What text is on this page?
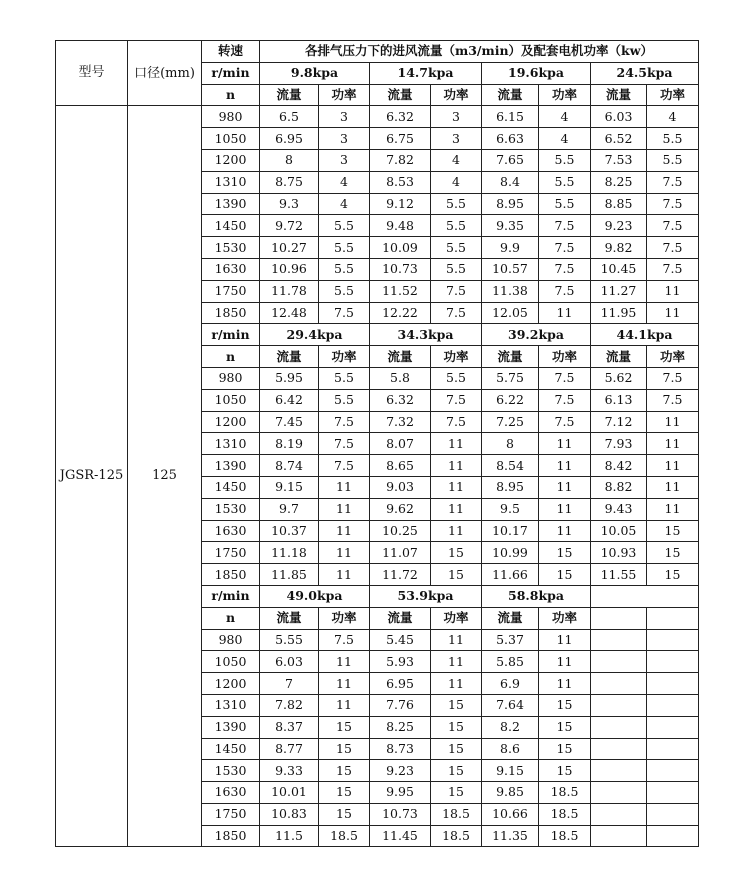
型号	口径(mm)	转速	各排气压力下的进风流量（m3/min）及配套电机功率（kw）							
		r/min	9.8kpa		14.7kpa		19.6kpa		24.5kpa	
		n	流量	功率	流量	功率	流量	功率	流量	功率
JGSR-125	125	980	6.5	3	6.32	3	6.15	4	6.03	4
		1050	6.95	3	6.75	3	6.63	4	6.52	5.5
		1200	8	3	7.82	4	7.65	5.5	7.53	5.5
		1310	8.75	4	8.53	4	8.4	5.5	8.25	7.5
		1390	9.3	4	9.12	5.5	8.95	5.5	8.85	7.5
		1450	9.72	5.5	9.48	5.5	9.35	7.5	9.23	7.5
		1530	10.27	5.5	10.09	5.5	9.9	7.5	9.82	7.5
		1630	10.96	5.5	10.73	5.5	10.57	7.5	10.45	7.5
		1750	11.78	5.5	11.52	7.5	11.38	7.5	11.27	11
		1850	12.48	7.5	12.22	7.5	12.05	11	11.95	11
		r/min	29.4kpa		34.3kpa		39.2kpa		44.1kpa	
		n	流量	功率	流量	功率	流量	功率	流量	功率
		980	5.95	5.5	5.8	5.5	5.75	7.5	5.62	7.5
		1050	6.42	5.5	6.32	7.5	6.22	7.5	6.13	7.5
		1200	7.45	7.5	7.32	7.5	7.25	7.5	7.12	11
		1310	8.19	7.5	8.07	11	8	11	7.93	11
		1390	8.74	7.5	8.65	11	8.54	11	8.42	11
		1450	9.15	11	9.03	11	8.95	11	8.82	11
		1530	9.7	11	9.62	11	9.5	11	9.43	11
		1630	10.37	11	10.25	11	10.17	11	10.05	15
		1750	11.18	11	11.07	15	10.99	15	10.93	15
		1850	11.85	11	11.72	15	11.66	15	11.55	15
		r/min	49.0kpa		53.9kpa		58.8kpa			
		n	流量	功率	流量	功率	流量	功率		
		980	5.55	7.5	5.45	11	5.37	11		
		1050	6.03	11	5.93	11	5.85	11		
		1200	7	11	6.95	11	6.9	11		
		1310	7.82	11	7.76	15	7.64	15		
		1390	8.37	15	8.25	15	8.2	15		
		1450	8.77	15	8.73	15	8.6	15		
		1530	9.33	15	9.23	15	9.15	15		
		1630	10.01	15	9.95	15	9.85	18.5		
		1750	10.83	15	10.73	18.5	10.66	18.5		
		1850	11.5	18.5	11.45	18.5	11.35	18.5		
